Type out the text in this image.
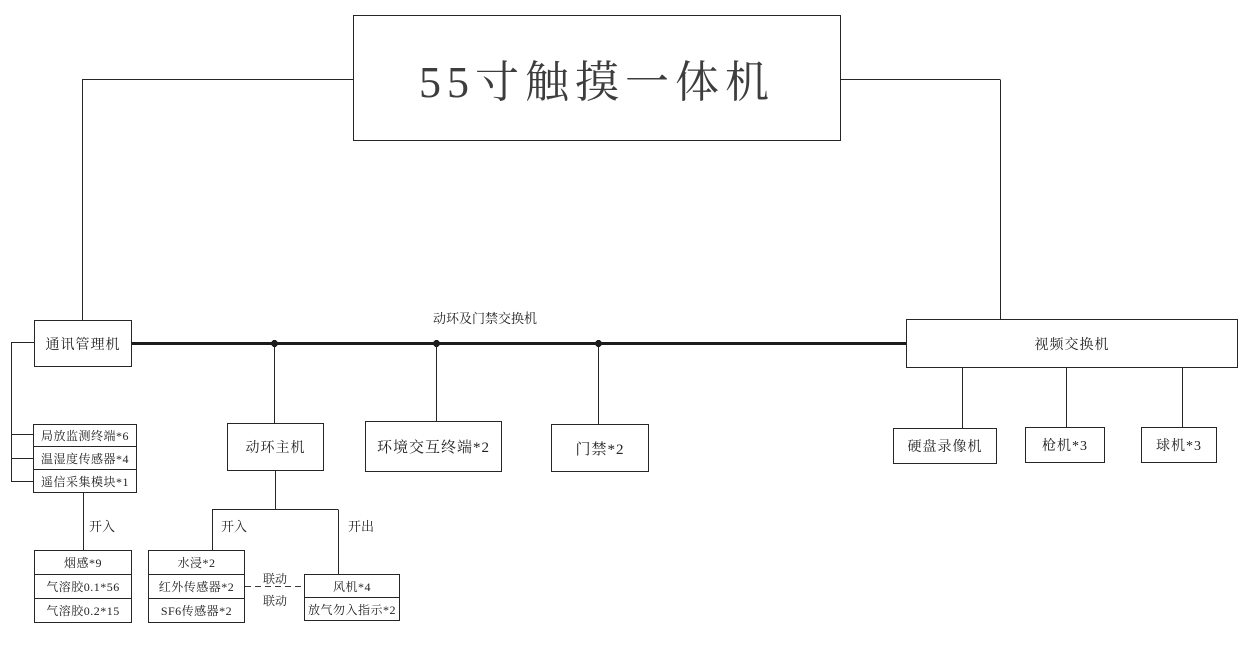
55寸触摸一体机
动环及门禁交换机
通讯管理机	视频交换机
动环主机	环境交互终端*2	门禁*2	硬盘录像机	枪机*3	球机*3
局放监测终端*6
温湿度传感器*4
遥信采集模块*1
烟感*9
气溶胶0.1*56
气溶胶0.2*15
水浸*2
红外传感器*2
SF6传感器*2
风机*4
放气勿入指示*2
开入	开入	开出
联动
联动
